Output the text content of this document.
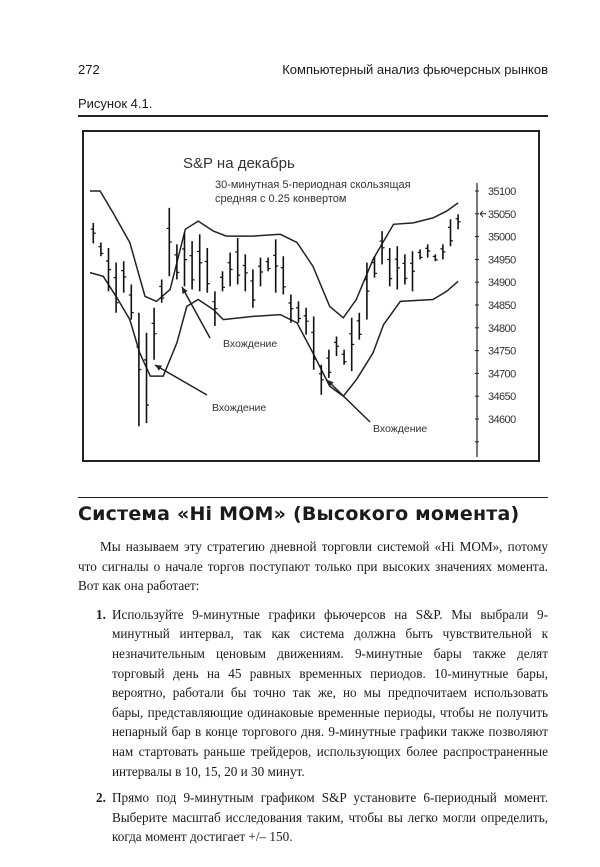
272	Компьютерный анализ фьючерсных рынков
Рисунок 4.1.
S&P на декабрь
30-минутная 5-периодная скользящая
средняя с 0.25 конвертом
35100
35050
35000
34950
34900
34850
34800
34750
34700
34650
34600
Вхождение
Вхождение
Вхождение
Система «Hi MOM» (Высокого момента)

Мы называем эту стратегию дневной торговли системой «Hi MOM», потому что сигналы о начале торгов поступают только при высоких значениях момента. Вот как она работает:

1. Используйте 9-минутные графики фьючерсов на S&P. Мы выбрали 9-минутный интервал, так как система должна быть чувствительной к незначительным ценовым движениям. 9-минутные бары также делят торговый день на 45 равных временных периодов. 10-минутные бары, вероятно, работали бы точно так же, но мы предпочитаем использовать бары, представляющие одинаковые временные периоды, чтобы не получить непарный бар в конце торгового дня. 9-минутные графики также позволяют нам стартовать раньше трейдеров, использующих более распространенные интервалы в 10, 15, 20 и 30 минут.
2. Прямо под 9-минутным графиком S&P установите 6-периодный момент. Выберите масштаб исследования таким, чтобы вы легко могли определить, когда момент достигает +/– 150.
